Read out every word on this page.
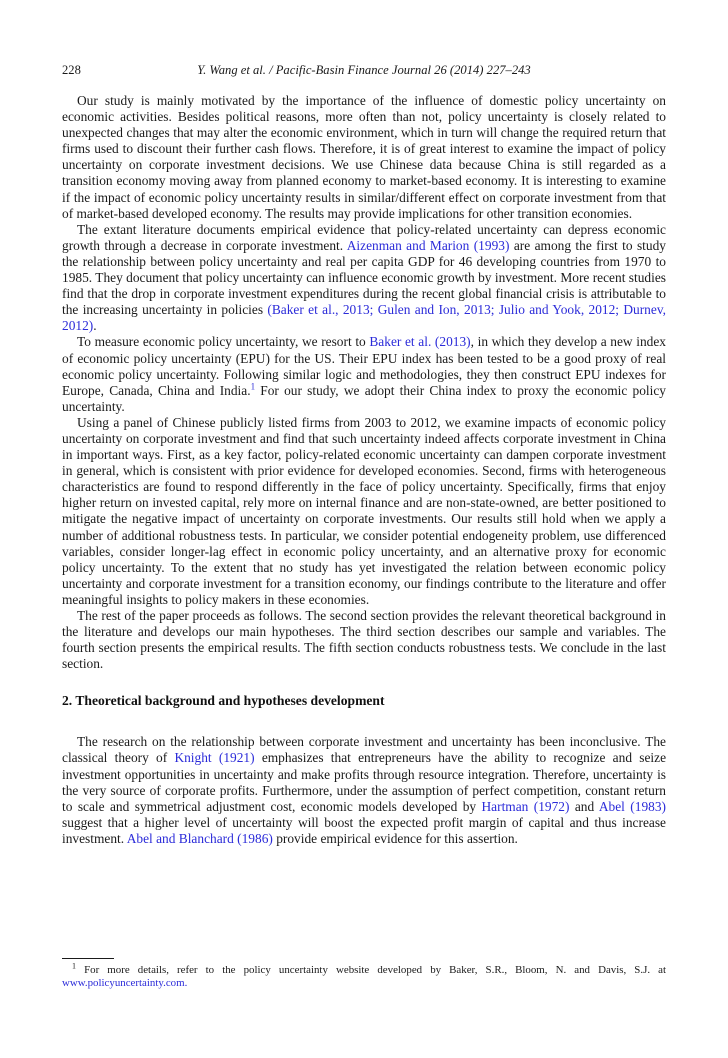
228	Y. Wang et al. / Pacific-Basin Finance Journal 26 (2014) 227–243

Our study is mainly motivated by the importance of the influence of domestic policy uncertainty on economic activities. Besides political reasons, more often than not, policy uncertainty is closely related to unexpected changes that may alter the economic environment, which in turn will change the required return that firms used to discount their further cash flows. Therefore, it is of great interest to examine the impact of policy uncertainty on corporate investment decisions. We use Chinese data because China is still regarded as a transition economy moving away from planned economy to market-based economy. It is interesting to examine if the impact of economic policy uncertainty results in similar/different effect on corporate investment from that of market-based developed economy. The results may provide implications for other transition economies.

The extant literature documents empirical evidence that policy-related uncertainty can depress economic growth through a decrease in corporate investment. Aizenman and Marion (1993) are among the first to study the relationship between policy uncertainty and real per capita GDP for 46 developing countries from 1970 to 1985. They document that policy uncertainty can influence economic growth by investment. More recent studies find that the drop in corporate investment expenditures during the recent global financial crisis is attributable to the increasing uncertainty in policies (Baker et al., 2013; Gulen and Ion, 2013; Julio and Yook, 2012; Durnev, 2012).

To measure economic policy uncertainty, we resort to Baker et al. (2013), in which they develop a new index of economic policy uncertainty (EPU) for the US. Their EPU index has been tested to be a good proxy of real economic policy uncertainty. Following similar logic and methodologies, they then construct EPU indexes for Europe, Canada, China and India.$^1$ For our study, we adopt their China index to proxy the economic policy uncertainty.

Using a panel of Chinese publicly listed firms from 2003 to 2012, we examine impacts of economic policy uncertainty on corporate investment and find that such uncertainty indeed affects corporate investment in China in important ways. First, as a key factor, policy-related economic uncertainty can dampen corporate investment in general, which is consistent with prior evidence for developed economies. Second, firms with heterogeneous characteristics are found to respond differently in the face of policy uncertainty. Specifically, firms that enjoy higher return on invested capital, rely more on internal finance and are non-state-owned, are better positioned to mitigate the negative impact of uncertainty on corporate investments. Our results still hold when we apply a number of additional robustness tests. In particular, we consider potential endogeneity problem, use differenced variables, consider longer-lag effect in economic policy uncertainty, and an alternative proxy for economic policy uncertainty. To the extent that no study has yet investigated the relation between economic policy uncertainty and corporate investment for a transition economy, our findings contribute to the literature and offer meaningful insights to policy makers in these economies.

The rest of the paper proceeds as follows. The second section provides the relevant theoretical background in the literature and develops our main hypotheses. The third section describes our sample and variables. The fourth section presents the empirical results. The fifth section conducts robustness tests. We conclude in the last section.

2. Theoretical background and hypotheses development

The research on the relationship between corporate investment and uncertainty has been inconclusive. The classical theory of Knight (1921) emphasizes that entrepreneurs have the ability to recognize and seize investment opportunities in uncertainty and make profits through resource integration. Therefore, uncertainty is the very source of corporate profits. Furthermore, under the assumption of perfect competition, constant return to scale and symmetrical adjustment cost, economic models developed by Hartman (1972) and Abel (1983) suggest that a higher level of uncertainty will boost the expected profit margin of capital and thus increase investment. Abel and Blanchard (1986) provide empirical evidence for this assertion.

$^1$ For more details, refer to the policy uncertainty website developed by Baker, S.R., Bloom, N. and Davis, S.J. at www.policyuncertainty.com.
